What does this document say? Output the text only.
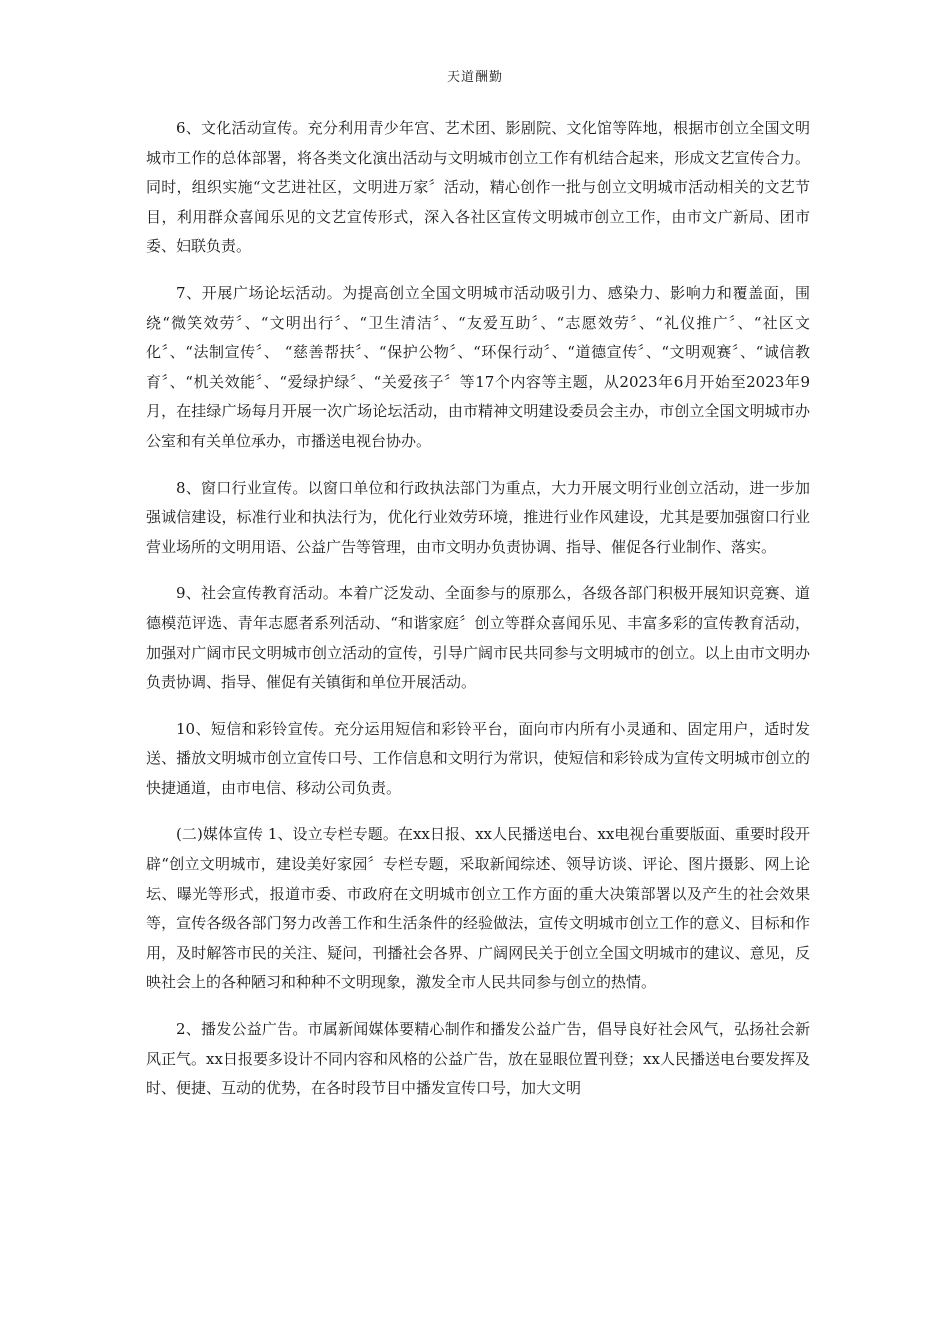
天道酬勤

6、文化活动宣传。充分利用青少年宫、艺术团、影剧院、文化馆等阵地，根据市创立全国文明城市工作的总体部署，将各类文化演出活动与文明城市创立工作有机结合起来，形成文艺宣传合力。同时，组织实施“文艺进社区，文明进万家〞活动，精心创作一批与创立文明城市活动相关的文艺节目，利用群众喜闻乐见的文艺宣传形式，深入各社区宣传文明城市创立工作，由市文广新局、团市委、妇联负责。

7、开展广场论坛活动。为提高创立全国文明城市活动吸引力、感染力、影响力和覆盖面，围绕“微笑效劳〞、“文明出行〞、“卫生清洁〞、“友爱互助〞、“志愿效劳〞、“礼仪推广〞、“社区文化〞、“法制宣传〞、 “慈善帮扶〞、“保护公物〞、“环保行动〞、“道德宣传〞、“文明观赛〞、“诚信教育〞、“机关效能〞、“爱绿护绿〞、“关爱孩子〞等17个内容等主题，从2023年6月开始至2023年9月，在挂绿广场每月开展一次广场论坛活动，由市精神文明建设委员会主办，市创立全国文明城市办公室和有关单位承办，市播送电视台协办。

8、窗口行业宣传。以窗口单位和行政执法部门为重点，大力开展文明行业创立活动，进一步加强诚信建设，标准行业和执法行为，优化行业效劳环境，推进行业作风建设，尤其是要加强窗口行业营业场所的文明用语、公益广告等管理，由市文明办负责协调、指导、催促各行业制作、落实。

9、社会宣传教育活动。本着广泛发动、全面参与的原那么，各级各部门积极开展知识竞赛、道德模范评选、青年志愿者系列活动、“和谐家庭〞创立等群众喜闻乐见、丰富多彩的宣传教育活动，加强对广阔市民文明城市创立活动的宣传，引导广阔市民共同参与文明城市的创立。以上由市文明办负责协调、指导、催促有关镇街和单位开展活动。

10、短信和彩铃宣传。充分运用短信和彩铃平台，面向市内所有小灵通和、固定用户，适时发送、播放文明城市创立宣传口号、工作信息和文明行为常识，使短信和彩铃成为宣传文明城市创立的快捷通道，由市电信、移动公司负责。

(二)媒体宣传 1、设立专栏专题。在xx日报、xx人民播送电台、xx电视台重要版面、重要时段开辟“创立文明城市，建设美好家园〞专栏专题，采取新闻综述、领导访谈、评论、图片摄影、网上论坛、曝光等形式，报道市委、市政府在文明城市创立工作方面的重大决策部署以及产生的社会效果等，宣传各级各部门努力改善工作和生活条件的经验做法，宣传文明城市创立工作的意义、目标和作用，及时解答市民的关注、疑问，刊播社会各界、广阔网民关于创立全国文明城市的建议、意见，反映社会上的各种陋习和种种不文明现象，激发全市人民共同参与创立的热情。

2、播发公益广告。市属新闻媒体要精心制作和播发公益广告，倡导良好社会风气，弘扬社会新风正气。xx日报要多设计不同内容和风格的公益广告，放在显眼位置刊登；xx人民播送电台要发挥及时、便捷、互动的优势，在各时段节目中播发宣传口号，加大文明
